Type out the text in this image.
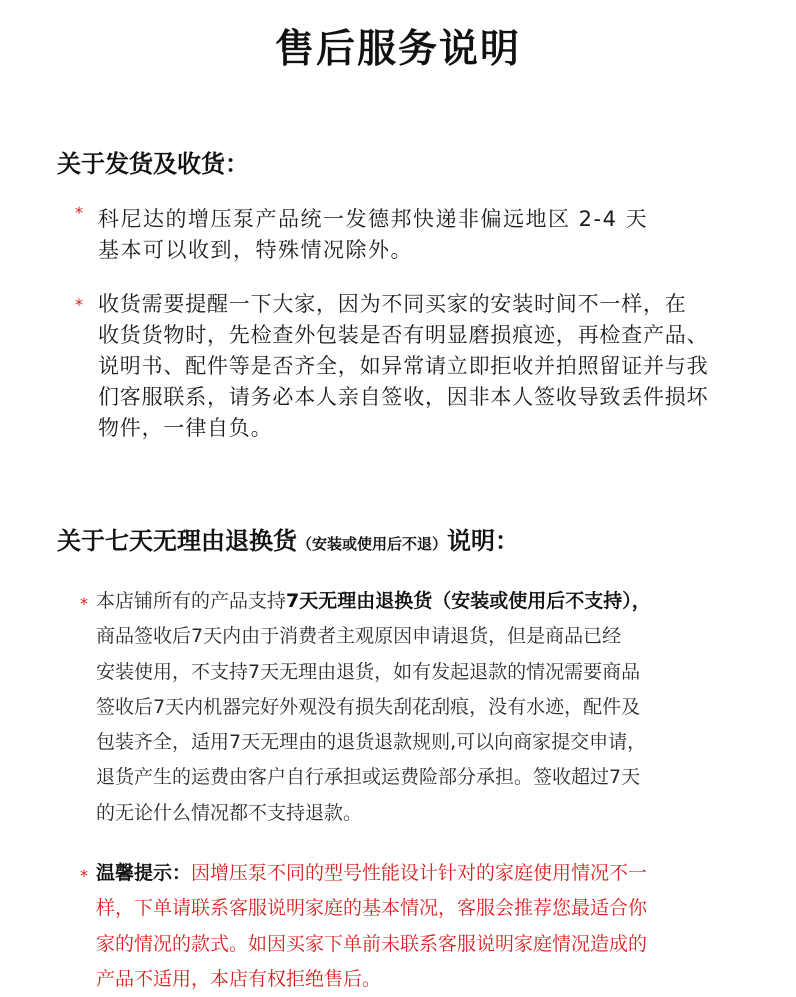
售后服务说明
关于发货及收货：
* 科尼达的增压泵产品统一发德邦快递非偏远地区 2-4 天
基本可以收到，特殊情况除外。
* 收货需要提醒一下大家，因为不同买家的安装时间不一样，在
收货货物时，先检查外包装是否有明显磨损痕迹，再检查产品、
说明书、配件等是否齐全，如异常请立即拒收并拍照留证并与我
们客服联系，请务必本人亲自签收，因非本人签收导致丢件损坏
物件，一律自负。
关于七天无理由退换货（安装或使用后不退）说明：
* 本店铺所有的产品支持7天无理由退换货（安装或使用后不支持），
商品签收后7天内由于消费者主观原因申请退货，但是商品已经
安装使用，不支持7天无理由退货，如有发起退款的情况需要商品
签收后7天内机器完好外观没有损失刮花刮痕，没有水迹，配件及
包装齐全，适用7天无理由的退货退款规则,可以向商家提交申请，
退货产生的运费由客户自行承担或运费险部分承担。签收超过7天
的无论什么情况都不支持退款。
* 温馨提示：因增压泵不同的型号性能设计针对的家庭使用情况不一
样，下单请联系客服说明家庭的基本情况，客服会推荐您最适合你
家的情况的款式。如因买家下单前未联系客服说明家庭情况造成的
产品不适用，本店有权拒绝售后。
